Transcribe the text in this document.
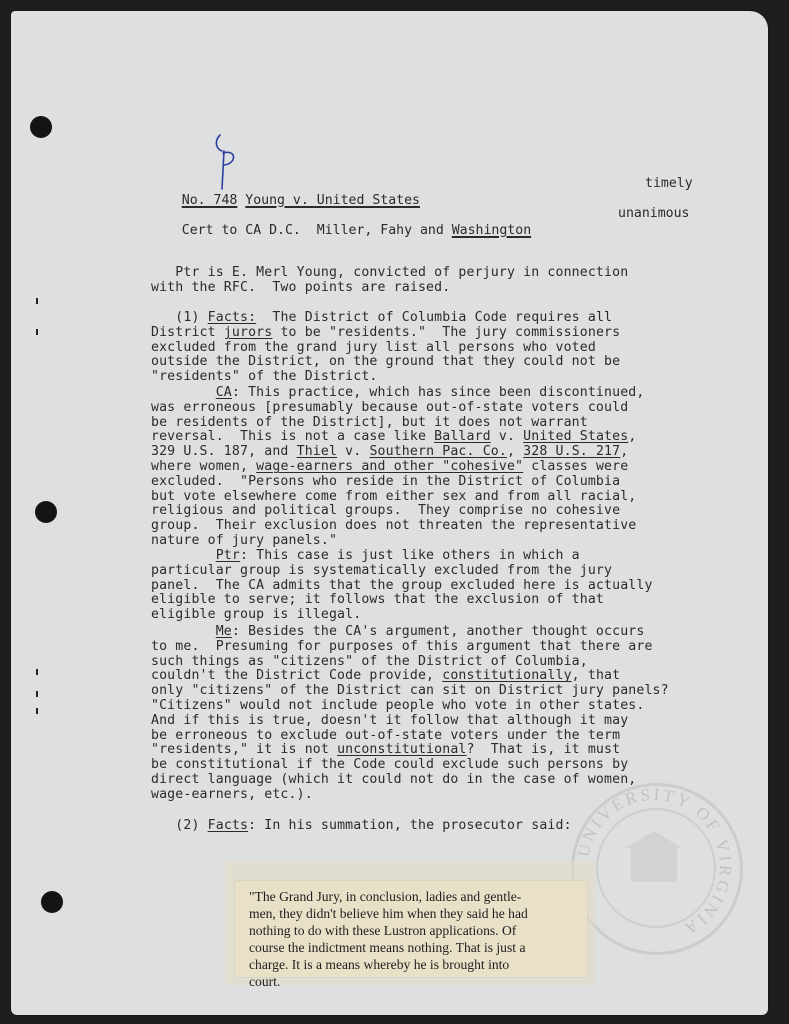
UNIVERSITY OF VIRGINIA

No. 748 Young v. United States

timely

Cert to CA D.C. Miller, Fahy and Washington

unanimous
p
Ptr is E. Merl Young, convicted of perjury in connection
with the RFC.  Two points are raised.
(1) Facts:  The District of Columbia Code requires all
District jurors to be "residents."  The jury commissioners
excluded from the grand jury list all persons who voted
outside the District, on the ground that they could not be
"residents" of the District.
CA: This practice, which has since been discontinued,
was erroneous [presumably because out-of-state voters could
be residents of the District], but it does not warrant
reversal.  This is not a case like Ballard v. United States,
329 U.S. 187, and Thiel v. Southern Pac. Co., 328 U.S. 217,
where women, wage-earners and other "cohesive" classes were
excluded.  "Persons who reside in the District of Columbia
but vote elsewhere come from either sex and from all racial,
religious and political groups.  They comprise no cohesive
group.  Their exclusion does not threaten the representative
nature of jury panels."
Ptr: This case is just like others in which a
particular group is systematically excluded from the jury
panel.  The CA admits that the group excluded here is actually
eligible to serve; it follows that the exclusion of that
eligible group is illegal.
Me: Besides the CA's argument, another thought occurs
to me.  Presuming for purposes of this argument that there are
such things as "citizens" of the District of Columbia,
couldn't the District Code provide, constitutionally, that
only "citizens" of the District can sit on District jury panels?
"Citizens" would not include people who vote in other states.
And if this is true, doesn't it follow that although it may
be erroneous to exclude out-of-state voters under the term
"residents," it is not unconstitutional?  That is, it must
be constitutional if the Code could exclude such persons by
direct language (which it could not do in the case of women,
wage-earners, etc.).
(2) Facts: In his summation, the prosecutor said:
"The Grand Jury, in conclusion, ladies and gentle-
men, they didn't believe him when they said he had
nothing to do with these Lustron applications. Of
course the indictment means nothing. That is just a
charge. It is a means whereby he is brought into
court.
